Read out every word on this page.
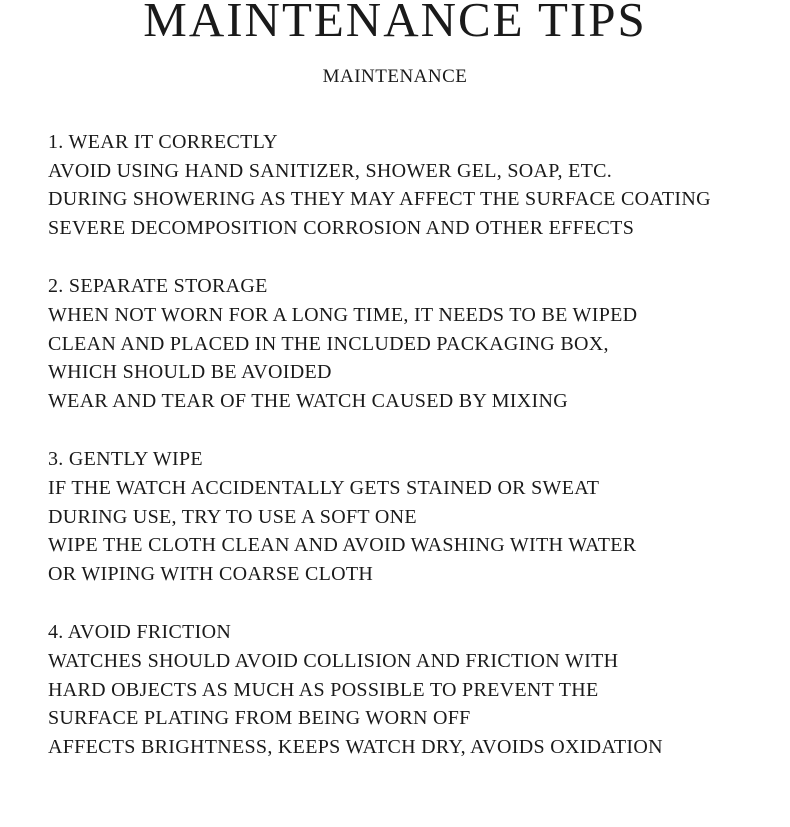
MAINTENANCE TIPS
MAINTENANCE
1. WEAR IT CORRECTLY
AVOID USING HAND SANITIZER, SHOWER GEL, SOAP, ETC.
DURING SHOWERING AS THEY MAY AFFECT THE SURFACE COATING
SEVERE DECOMPOSITION CORROSION AND OTHER EFFECTS
2. SEPARATE STORAGE
WHEN NOT WORN FOR A LONG TIME, IT NEEDS TO BE WIPED
CLEAN AND PLACED IN THE INCLUDED PACKAGING BOX,
WHICH SHOULD BE AVOIDED
WEAR AND TEAR OF THE WATCH CAUSED BY MIXING
3. GENTLY WIPE
IF THE WATCH ACCIDENTALLY GETS STAINED OR SWEAT
DURING USE, TRY TO USE A SOFT ONE
WIPE THE CLOTH CLEAN AND AVOID WASHING WITH WATER
OR WIPING WITH COARSE CLOTH
4. AVOID FRICTION
WATCHES SHOULD AVOID COLLISION AND FRICTION WITH
HARD OBJECTS AS MUCH AS POSSIBLE TO PREVENT THE
SURFACE PLATING FROM BEING WORN OFF
AFFECTS BRIGHTNESS, KEEPS WATCH DRY, AVOIDS OXIDATION
